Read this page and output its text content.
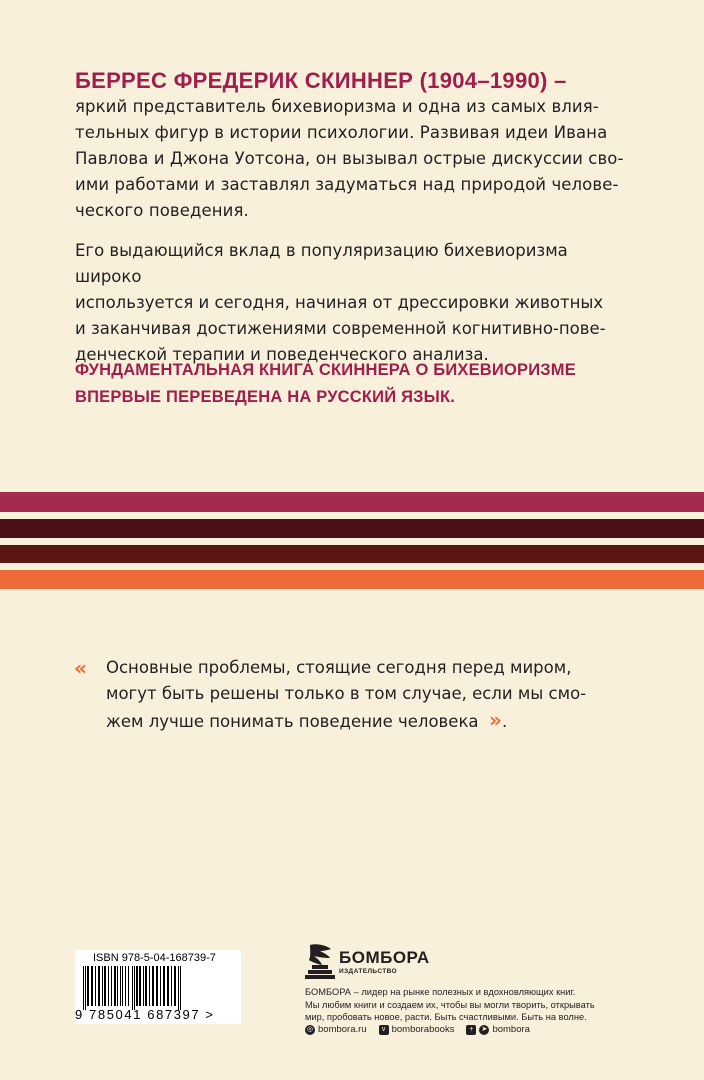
БЕРРЕС ФРЕДЕРИК СКИННЕР (1904–1990) –
яркий представитель бихевиоризма и одна из самых влия-
тельных фигур в истории психологии. Развивая идеи Ивана
Павлова и Джона Уотсона, он вызывал острые дискуссии сво-
ими работами и заставлял задуматься над природой челове-
ческого поведения.
Его выдающийся вклад в популяризацию бихевиоризма широко
используется и сегодня, начиная от дрессировки животных
и заканчивая достижениями современной когнитивно-пове-
денческой терапии и поведенческого анализа.
ФУНДАМЕНТАЛЬНАЯ КНИГА СКИННЕРА О БИХЕВИОРИЗМЕ
ВПЕРВЫЕ ПЕРЕВЕДЕНА НА РУССКИЙ ЯЗЫК.
« Основные проблемы, стоящие сегодня перед миром,
могут быть решены только в том случае, если мы смо-
жем лучше понимать поведение человека ».
ISBN 978-5-04-168739-7
9 785041 687397 >
БОМБОРА
ИЗДАТЕЛЬСТВО
БОМБОРА – лидер на рынке полезных и вдохновляющих книг.
Мы любим книги и создаем их, чтобы вы могли творить, открывать
мир, пробовать новое, расти. Быть счастливыми. Быть на волне.
◎ bombora.ru	v bomborabooks	+	➤ bombora
